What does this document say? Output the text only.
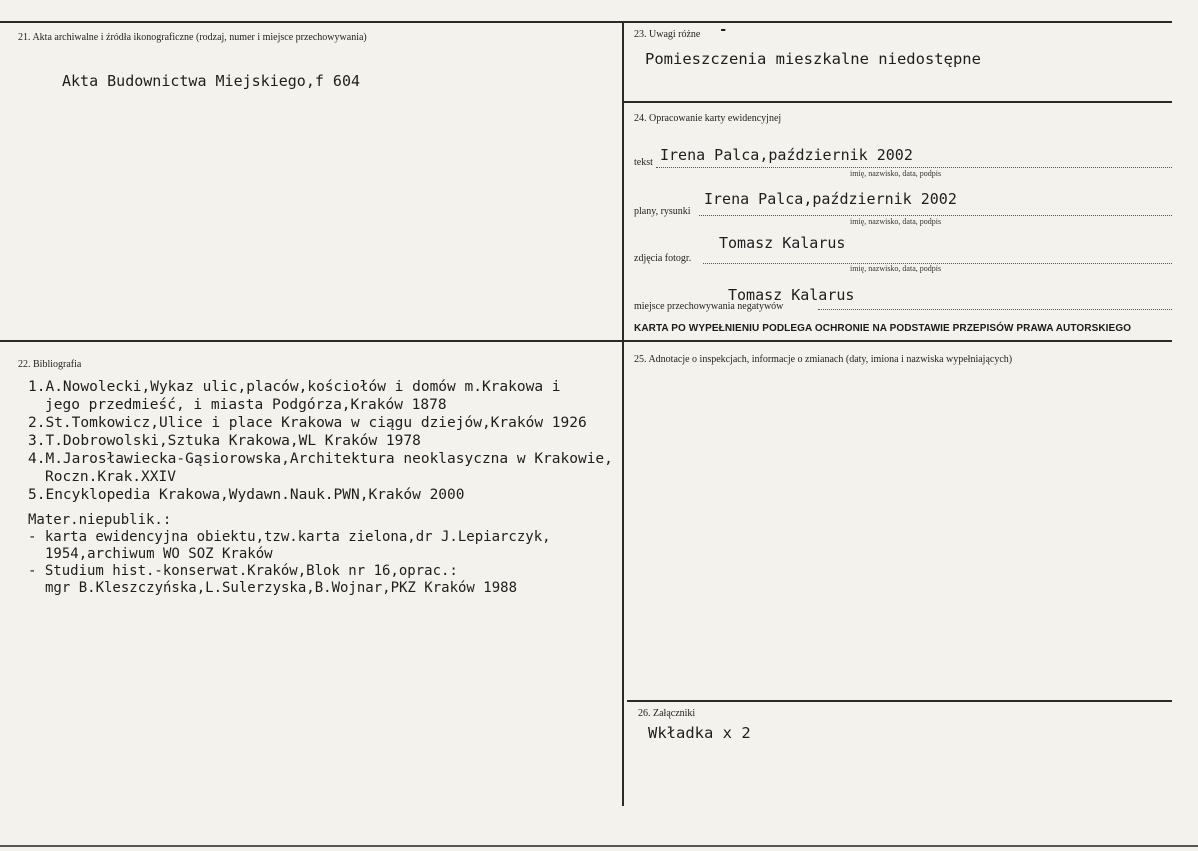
21. Akta archiwalne i źródła ikonograficzne (rodzaj, numer i miejsce przechowywania)
Akta Budownictwa Miejskiego,f 604
22. Bibliografia
1.A.Nowolecki,Wykaz ulic,placów,kościołów i domów m.Krakowa i
jego przedmieść, i miasta Podgórza,Kraków 1878
2.St.Tomkowicz,Ulice i place Krakowa w ciągu dziejów,Kraków 1926
3.T.Dobrowolski,Sztuka Krakowa,WL Kraków 1978
4.M.Jarosławiecka-Gąsiorowska,Architektura neoklasyczna w Krakowie,
Roczn.Krak.XXIV
5.Encyklopedia Krakowa,Wydawn.Nauk.PWN,Kraków 2000
Mater.niepublik.:
- karta ewidencyjna obiektu,tzw.karta zielona,dr J.Lepiarczyk,
1954,archiwum WO SOZ Kraków
- Studium hist.-konserwat.Kraków,Blok nr 16,oprac.:
mgr B.Kleszczyńska,L.Sulerzyska,B.Wojnar,PKZ Kraków 1988
23. Uwagi różne -
Pomieszczenia mieszkalne niedostępne
24. Opracowanie karty ewidencyjnej
Irena Palca,październik 2002
tekst
imię, nazwisko, data, podpis
Irena Palca,październik 2002
plany, rysunki
imię, nazwisko, data, podpis
Tomasz Kalarus
zdjęcia fotogr.
imię, nazwisko, data, podpis
Tomasz Kalarus
miejsce przechowywania negatywów
KARTA PO WYPEŁNIENIU PODLEGA OCHRONIE NA PODSTAWIE PRZEPISÓW PRAWA AUTORSKIEGO
25. Adnotacje o inspekcjach, informacje o zmianach (daty, imiona i nazwiska wypełniających)
26. Załączniki
Wkładka x 2
